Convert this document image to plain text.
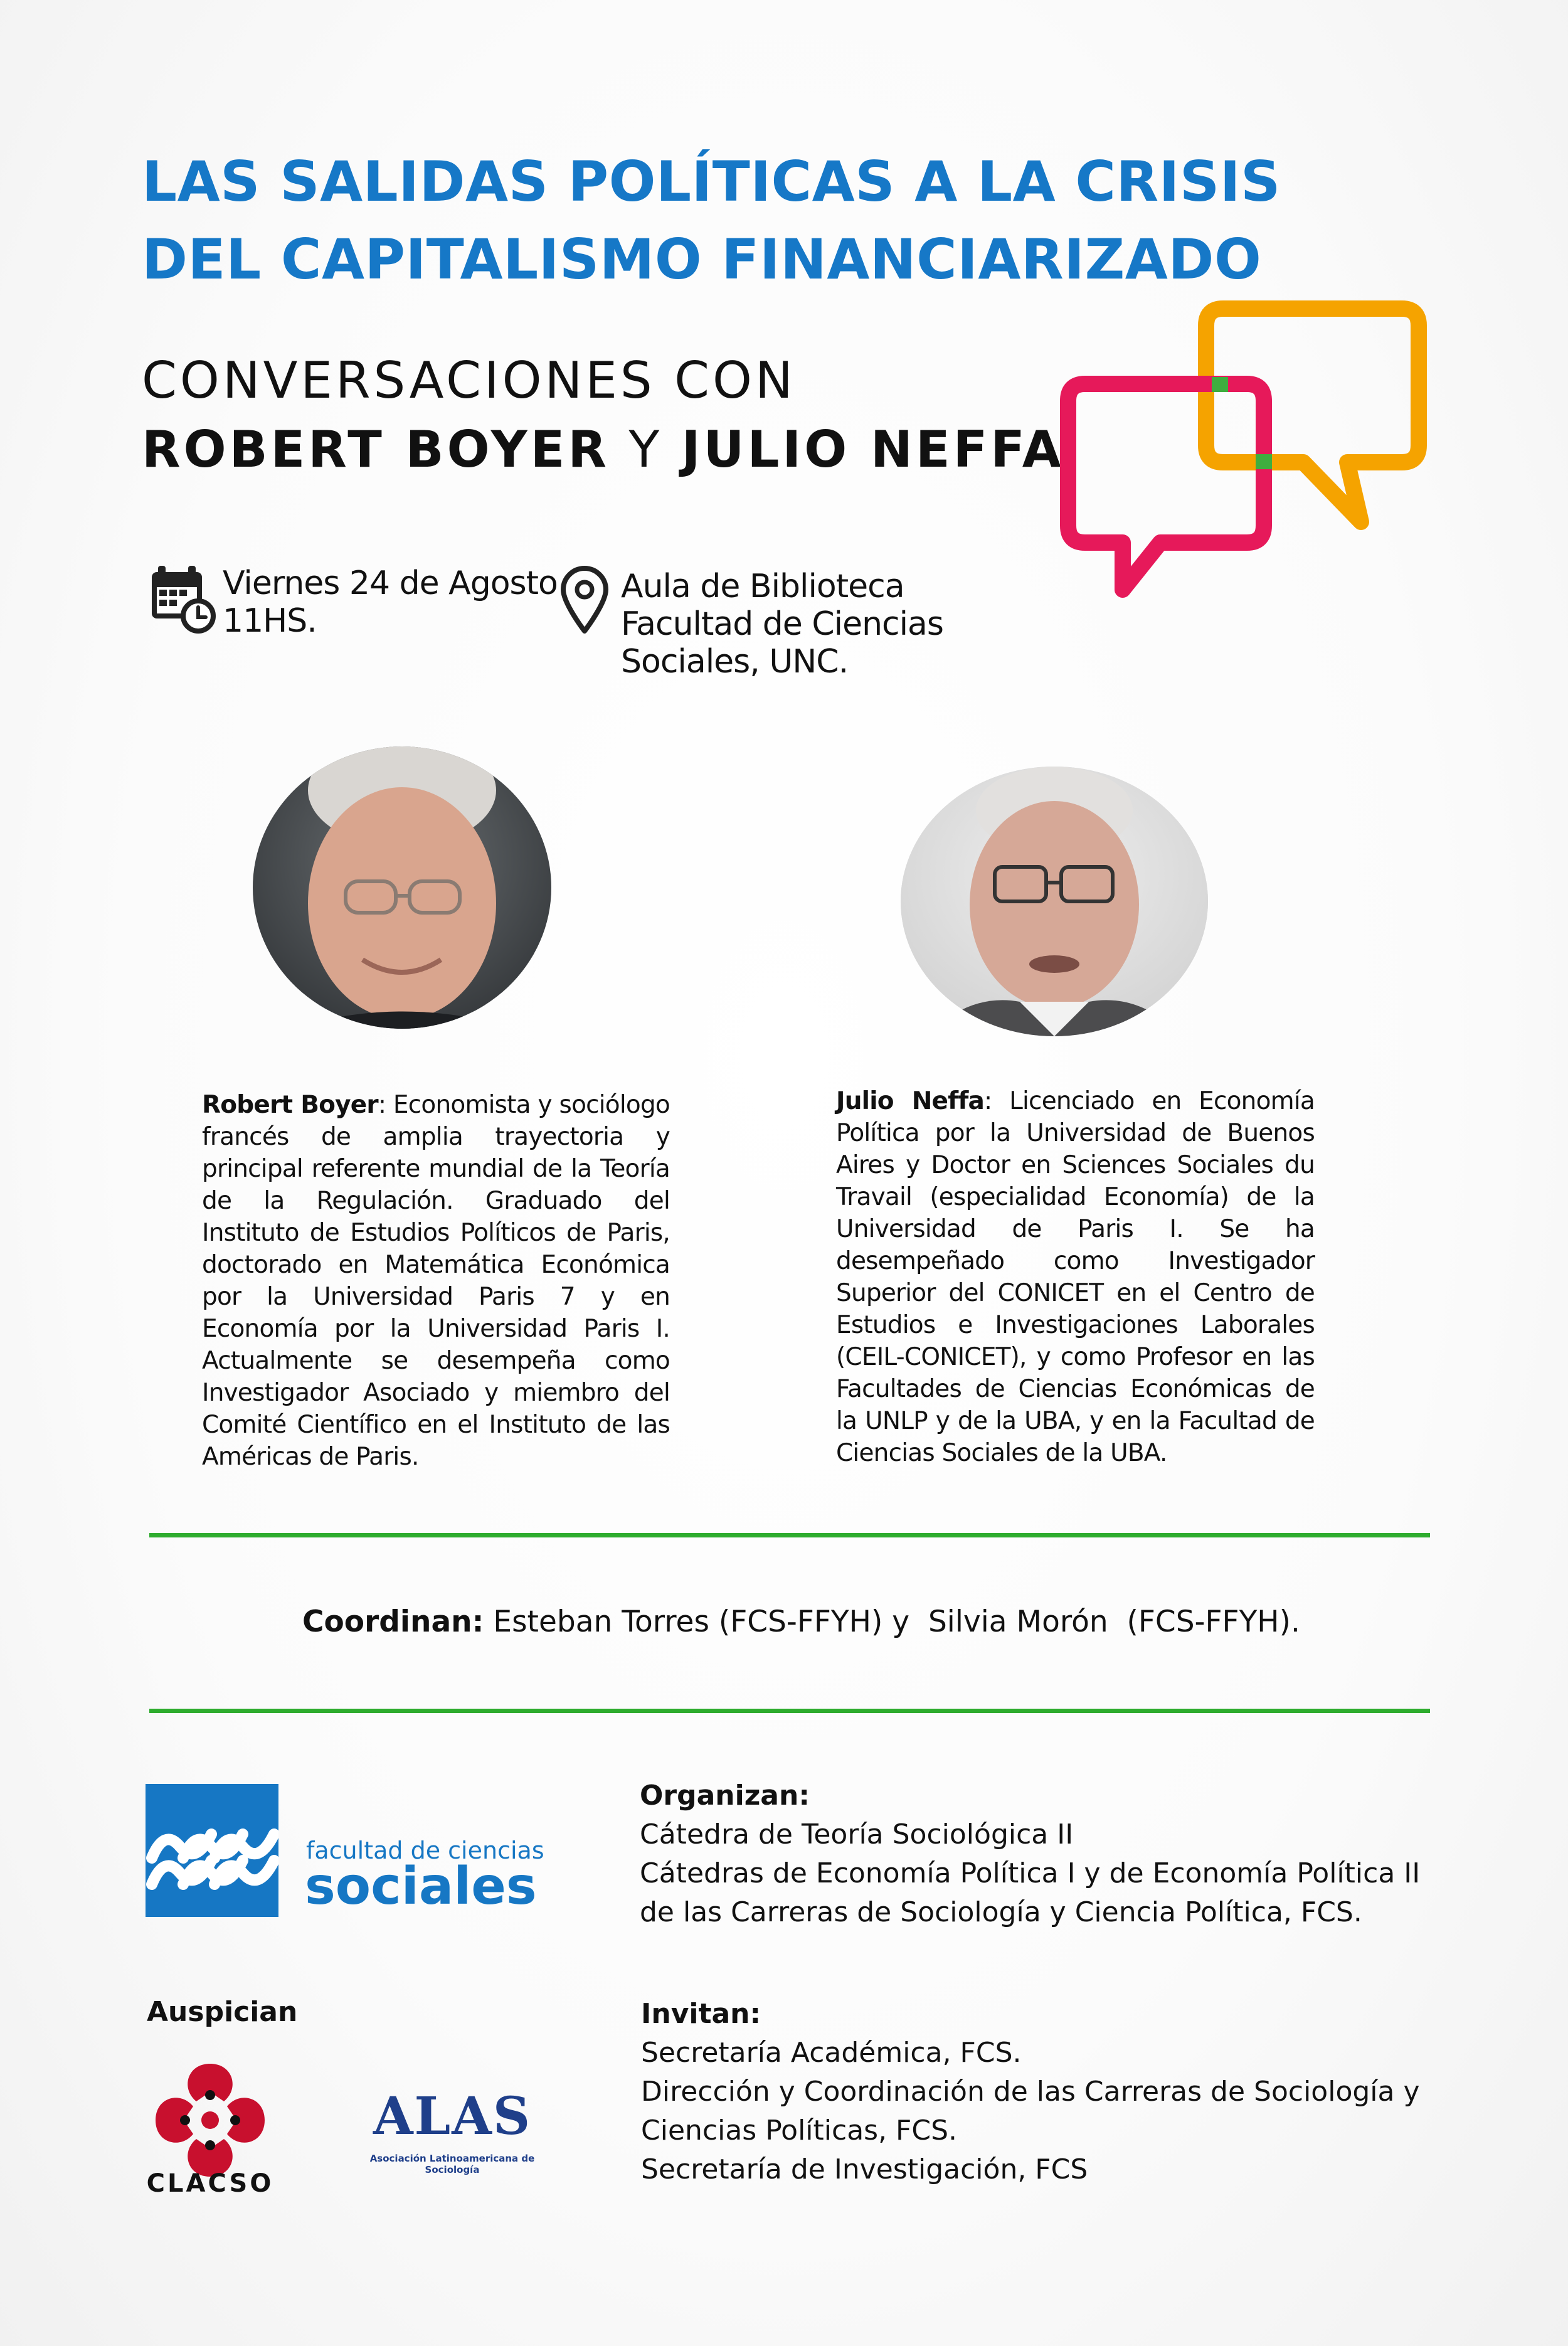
LAS SALIDAS POLÍTICAS A LA CRISIS
DEL CAPITALISMO FINANCIARIZADO
CONVERSACIONES CON
ROBERT BOYER Y JULIO NEFFA
Viernes 24 de Agosto
11HS.
Aula de Biblioteca
Facultad de Ciencias
Sociales, UNC.
Robert Boyer: Economista y sociólogo francés de amplia trayectoria y principal referente mundial de la Teoría de la Regulación. Graduado del Instituto de Estudios Políticos de Paris, doctorado en Matemática Económica por la Universidad Paris 7 y en Economía por la Universidad Paris I. Actualmente se desempeña como Investigador Asociado y miembro del Comité Científico en el Instituto de las Américas de Paris.
Julio Neffa: Licenciado en Economía Política por la Universidad de Buenos Aires y Doctor en Sciences Sociales du Travail (especialidad Economía) de la Universidad de Paris I. Se ha desempeñado como Investigador Superior del CONICET en el Centro de Estudios e Investigaciones Laborales (CEIL-CONICET), y como Profesor en las Facultades de Ciencias Económicas de la UNLP y de la UBA, y en la Facultad de Ciencias Sociales de la UBA.
Coordinan: Esteban Torres (FCS-FFYH) y  Silvia Morón  (FCS-FFYH).
facultad de ciencias
sociales
Organizan:
Cátedra de Teoría Sociológica II
Cátedras de Economía Política I y de Economía Política II
de las Carreras de Sociología y Ciencia Política, FCS.
Auspician
CLACSO
ALAS
Asociación Latinoamericana de
Sociología
Invitan:
Secretaría Académica, FCS.
Dirección y Coordinación de las Carreras de Sociología y
Ciencias Políticas, FCS.
Secretaría de Investigación, FCS
